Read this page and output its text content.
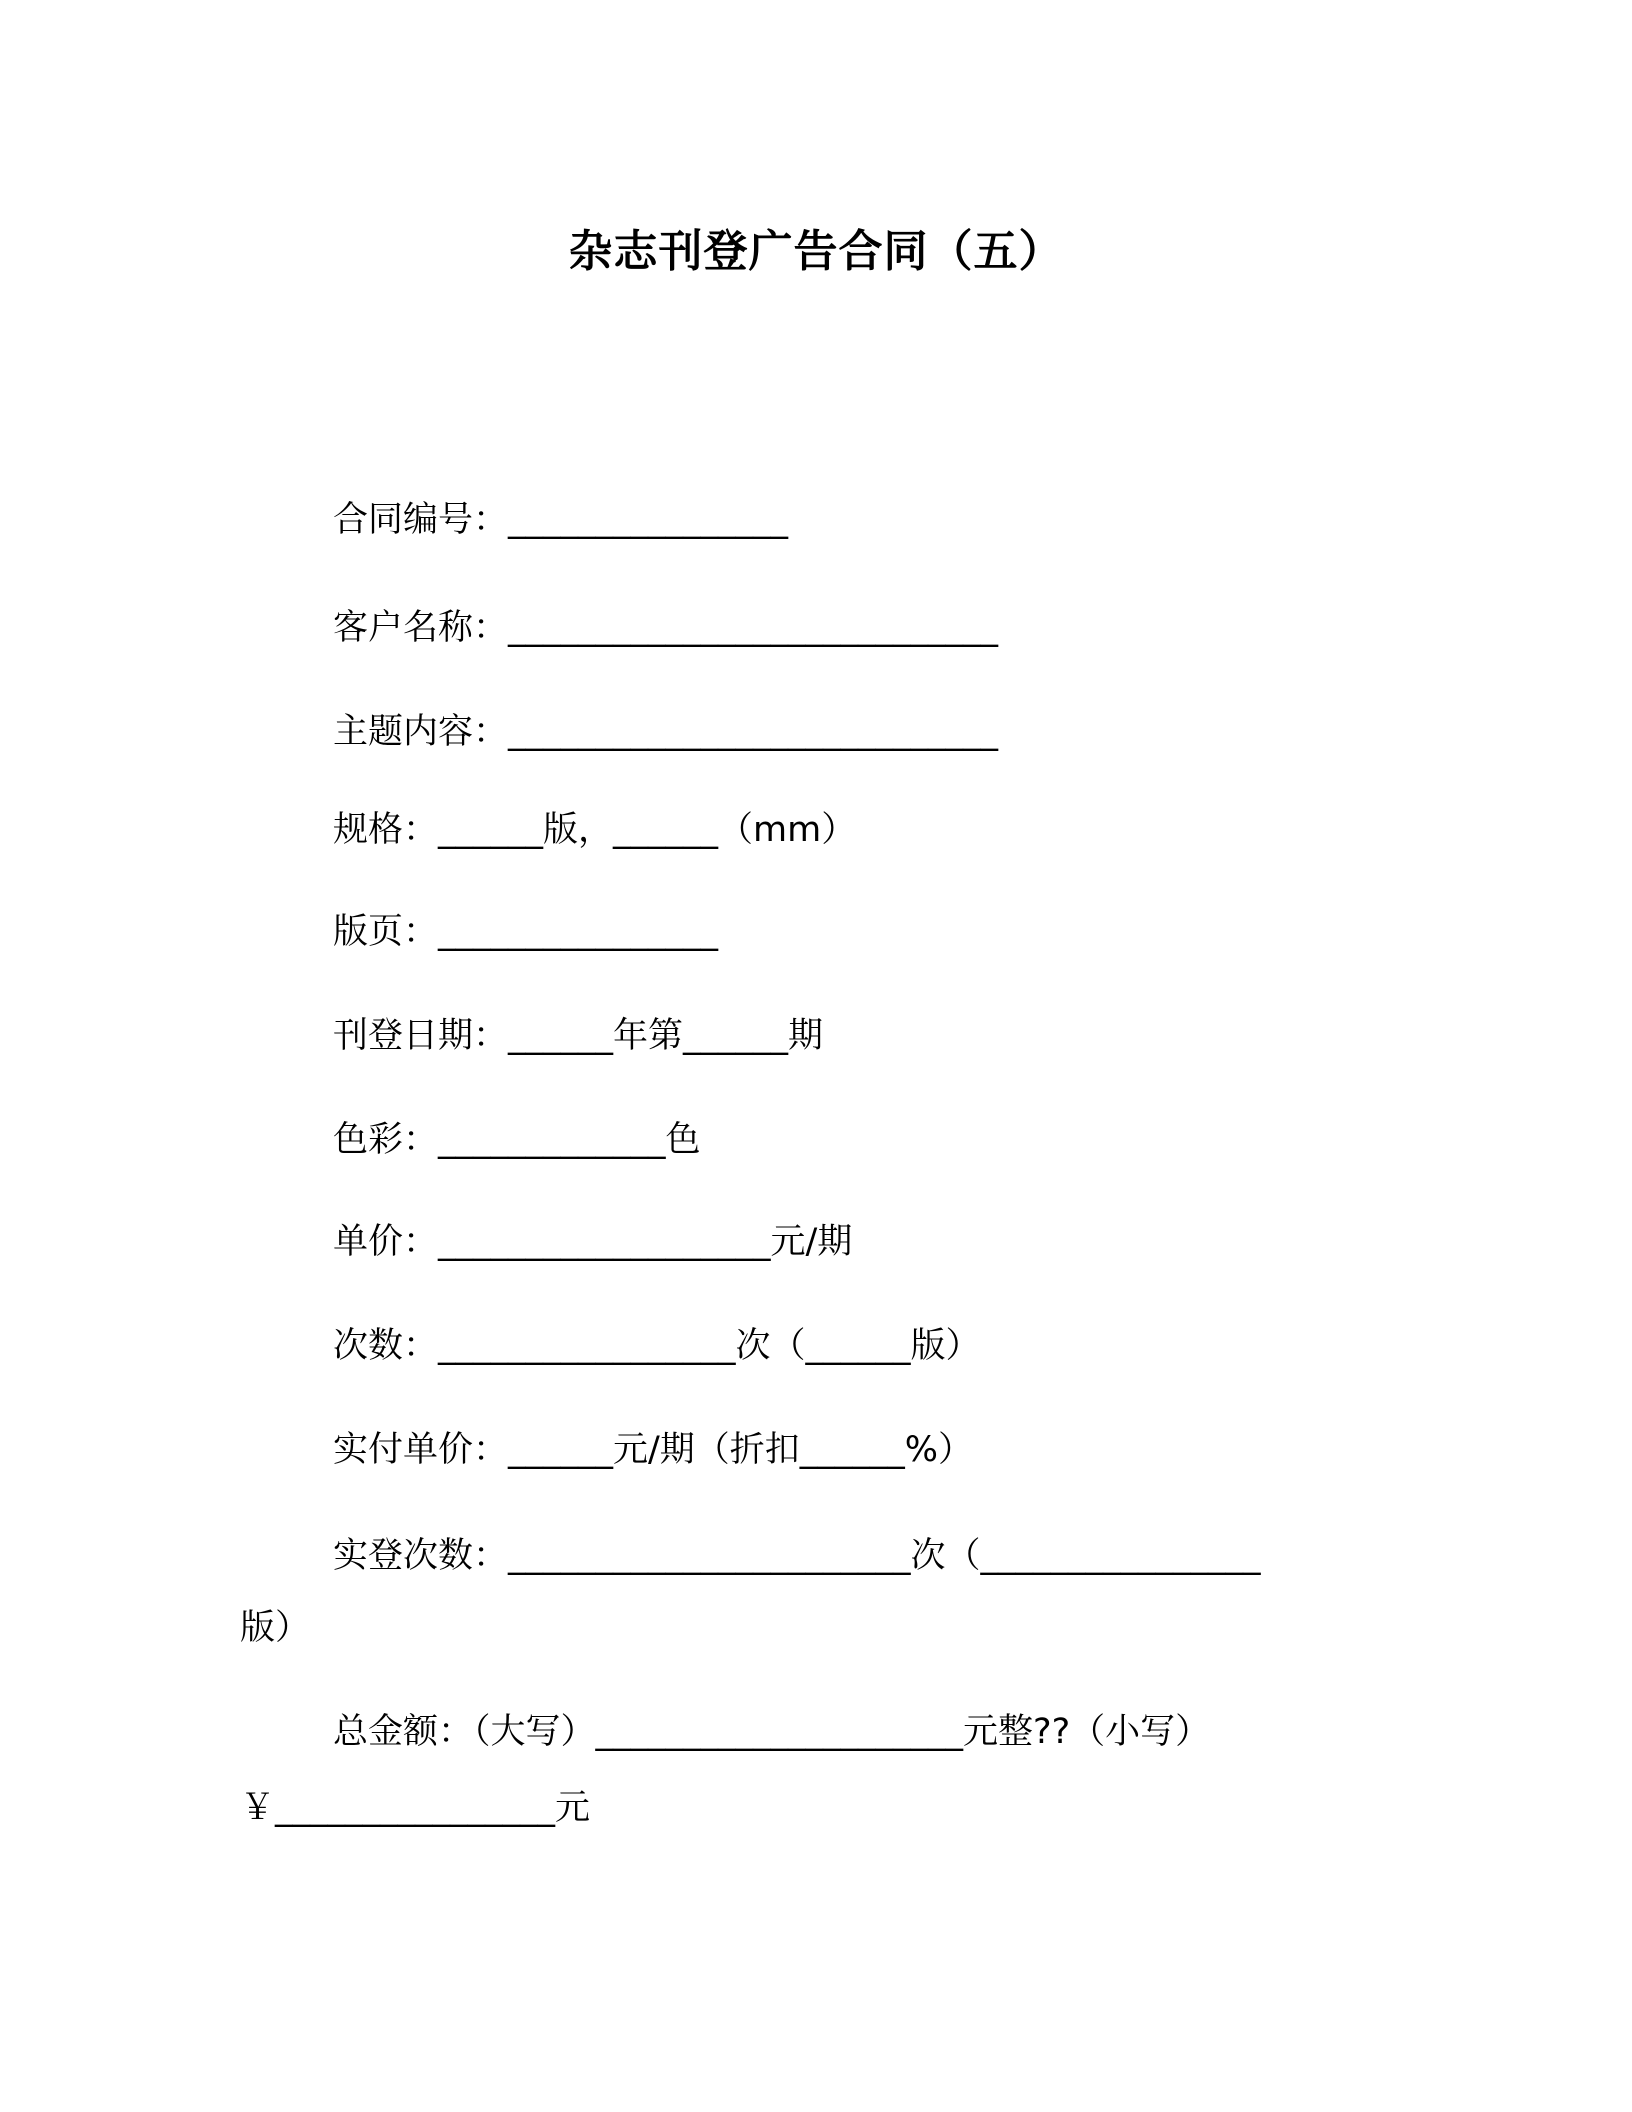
杂志刊登广告合同（五）
合同编号：________________
客户名称：____________________________
主题内容：____________________________
规格：______版，______（mm）
版页：________________
刊登日期：______年第______期
色彩：_____________色
单价：___________________元/期
次数：_________________次（______版）
实付单价：______元/期（折扣______%）
实登次数：_______________________次（________________
版）
总金额：（大写）_____________________元整??（小写）
￥________________元
